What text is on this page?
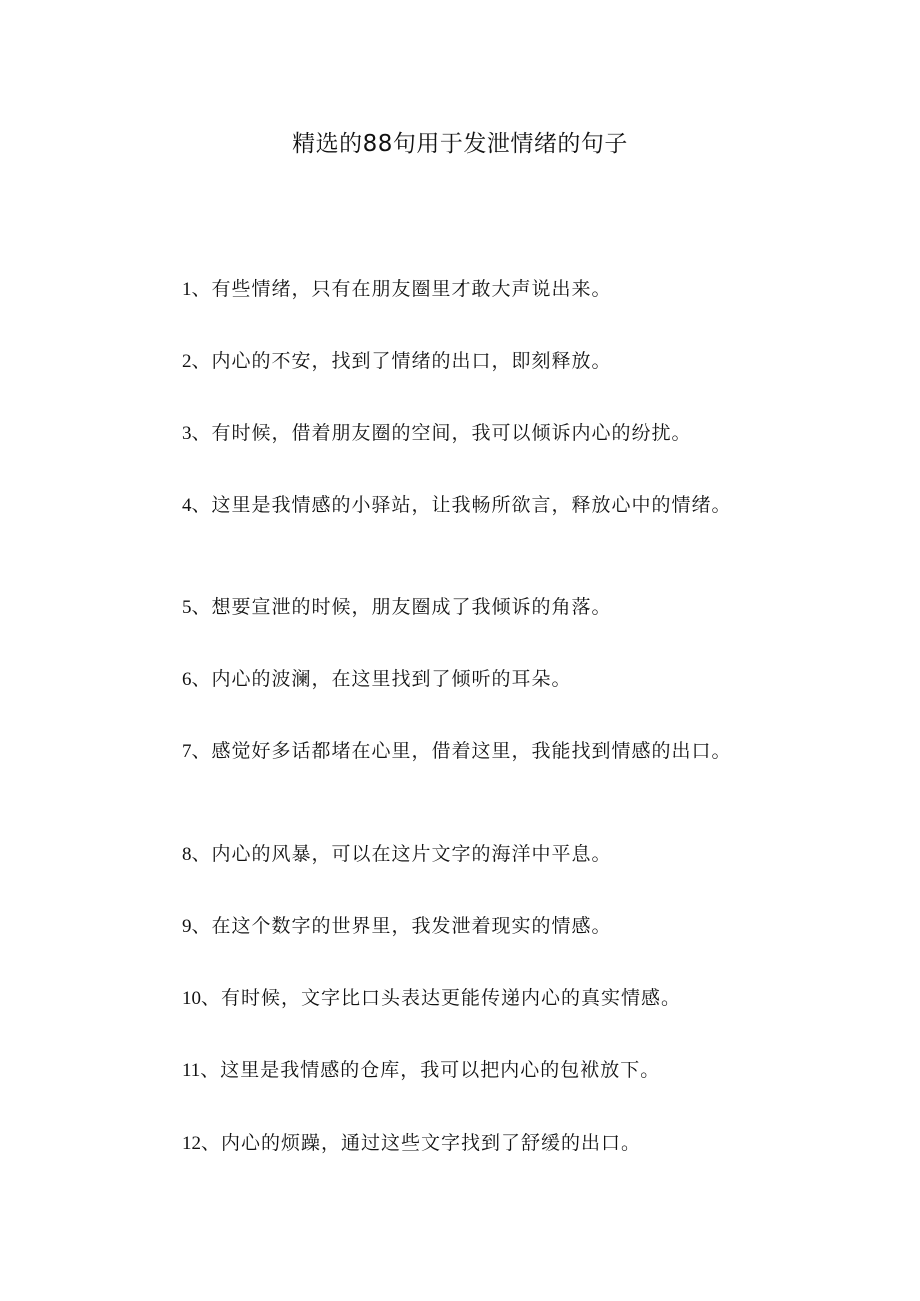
精选的88句用于发泄情绪的句子
1、有些情绪，只有在朋友圈里才敢大声说出来。
2、内心的不安，找到了情绪的出口，即刻释放。
3、有时候，借着朋友圈的空间，我可以倾诉内心的纷扰。
4、这里是我情感的小驿站，让我畅所欲言，释放心中的情绪。
5、想要宣泄的时候，朋友圈成了我倾诉的角落。
6、内心的波澜，在这里找到了倾听的耳朵。
7、感觉好多话都堵在心里，借着这里，我能找到情感的出口。
8、内心的风暴，可以在这片文字的海洋中平息。
9、在这个数字的世界里，我发泄着现实的情感。
10、有时候，文字比口头表达更能传递内心的真实情感。
11、这里是我情感的仓库，我可以把内心的包袱放下。
12、内心的烦躁，通过这些文字找到了舒缓的出口。
